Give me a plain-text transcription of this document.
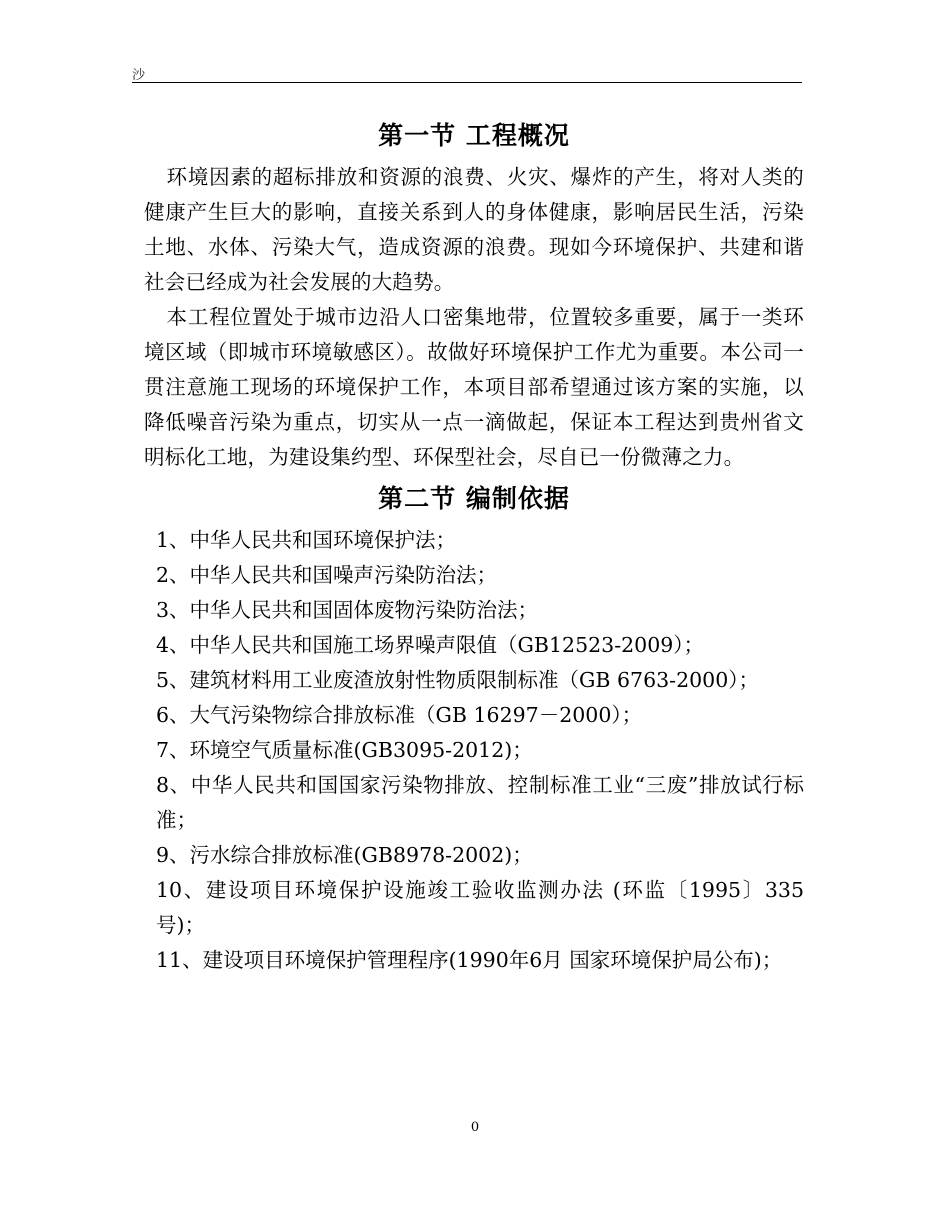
沙
第一节 工程概况

环境因素的超标排放和资源的浪费、火灾、爆炸的产生，将对人类的健康产生巨大的影响，直接关系到人的身体健康，影响居民生活，污染土地、水体、污染大气，造成资源的浪费。现如今环境保护、共建和谐社会已经成为社会发展的大趋势。

本工程位置处于城市边沿人口密集地带，位置较多重要，属于一类环境区域（即城市环境敏感区）。故做好环境保护工作尤为重要。本公司一贯注意施工现场的环境保护工作，本项目部希望通过该方案的实施，以降低噪音污染为重点，切实从一点一滴做起，保证本工程达到贵州省文明标化工地，为建设集约型、环保型社会，尽自已一份微薄之力。

第二节 编制依据
1、中华人民共和国环境保护法；
2、中华人民共和国噪声污染防治法；
3、中华人民共和国固体废物污染防治法；
4、中华人民共和国施工场界噪声限值（GB12523-2009）；
5、建筑材料用工业废渣放射性物质限制标准（GB 6763-2000）；
6、大气污染物综合排放标准（GB 16297－2000）；
7、环境空气质量标准(GB3095-2012)；
8、中华人民共和国国家污染物排放、控制标准工业“三废”排放试行标准；
9、污水综合排放标准(GB8978-2002)；
10、建设项目环境保护设施竣工验收监测办法 (环监〔1995〕335号)；
11、建设项目环境保护管理程序(1990年6月 国家环境保护局公布)；
0
